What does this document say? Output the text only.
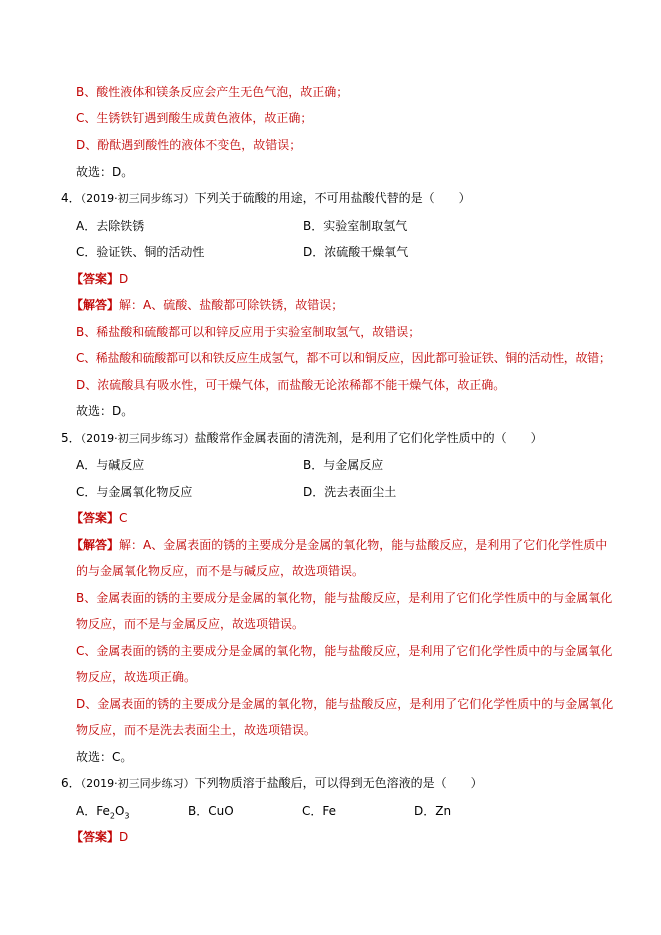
B、酸性液体和镁条反应会产生无色气泡，故正确；
C、生锈铁钉遇到酸生成黄色液体，故正确；
D、酚酞遇到酸性的液体不变色，故错误；
故选：D。
4．（2019·初三同步练习）下列关于硫酸的用途，不可用盐酸代替的是（　　）
A．去除铁锈	B．实验室制取氢气
C．验证铁、铜的活动性	D．浓硫酸干燥氧气
【答案】D
【解答】解：A、硫酸、盐酸都可除铁锈，故错误；
B、稀盐酸和硫酸都可以和锌反应用于实验室制取氢气，故错误；
C、稀盐酸和硫酸都可以和铁反应生成氢气，都不可以和铜反应，因此都可验证铁、铜的活动性，故错；
D、浓硫酸具有吸水性，可干燥气体，而盐酸无论浓稀都不能干燥气体，故正确。
故选：D。
5．（2019·初三同步练习）盐酸常作金属表面的清洗剂，是利用了它们化学性质中的（　　）
A．与碱反应	B．与金属反应
C．与金属氧化物反应	D．洗去表面尘土
【答案】C
【解答】解：A、金属表面的锈的主要成分是金属的氧化物，能与盐酸反应，是利用了它们化学性质中
的与金属氧化物反应，而不是与碱反应，故选项错误。
B、金属表面的锈的主要成分是金属的氧化物，能与盐酸反应，是利用了它们化学性质中的与金属氧化
物反应，而不是与金属反应，故选项错误。
C、金属表面的锈的主要成分是金属的氧化物，能与盐酸反应，是利用了它们化学性质中的与金属氧化
物反应，故选项正确。
D、金属表面的锈的主要成分是金属的氧化物，能与盐酸反应，是利用了它们化学性质中的与金属氧化
物反应，而不是洗去表面尘土，故选项错误。
故选：C。
6．（2019·初三同步练习）下列物质溶于盐酸后，可以得到无色溶液的是（　　）
A．$Fe_2O_3$	B．CuO	C．Fe	D．Zn
【答案】D
